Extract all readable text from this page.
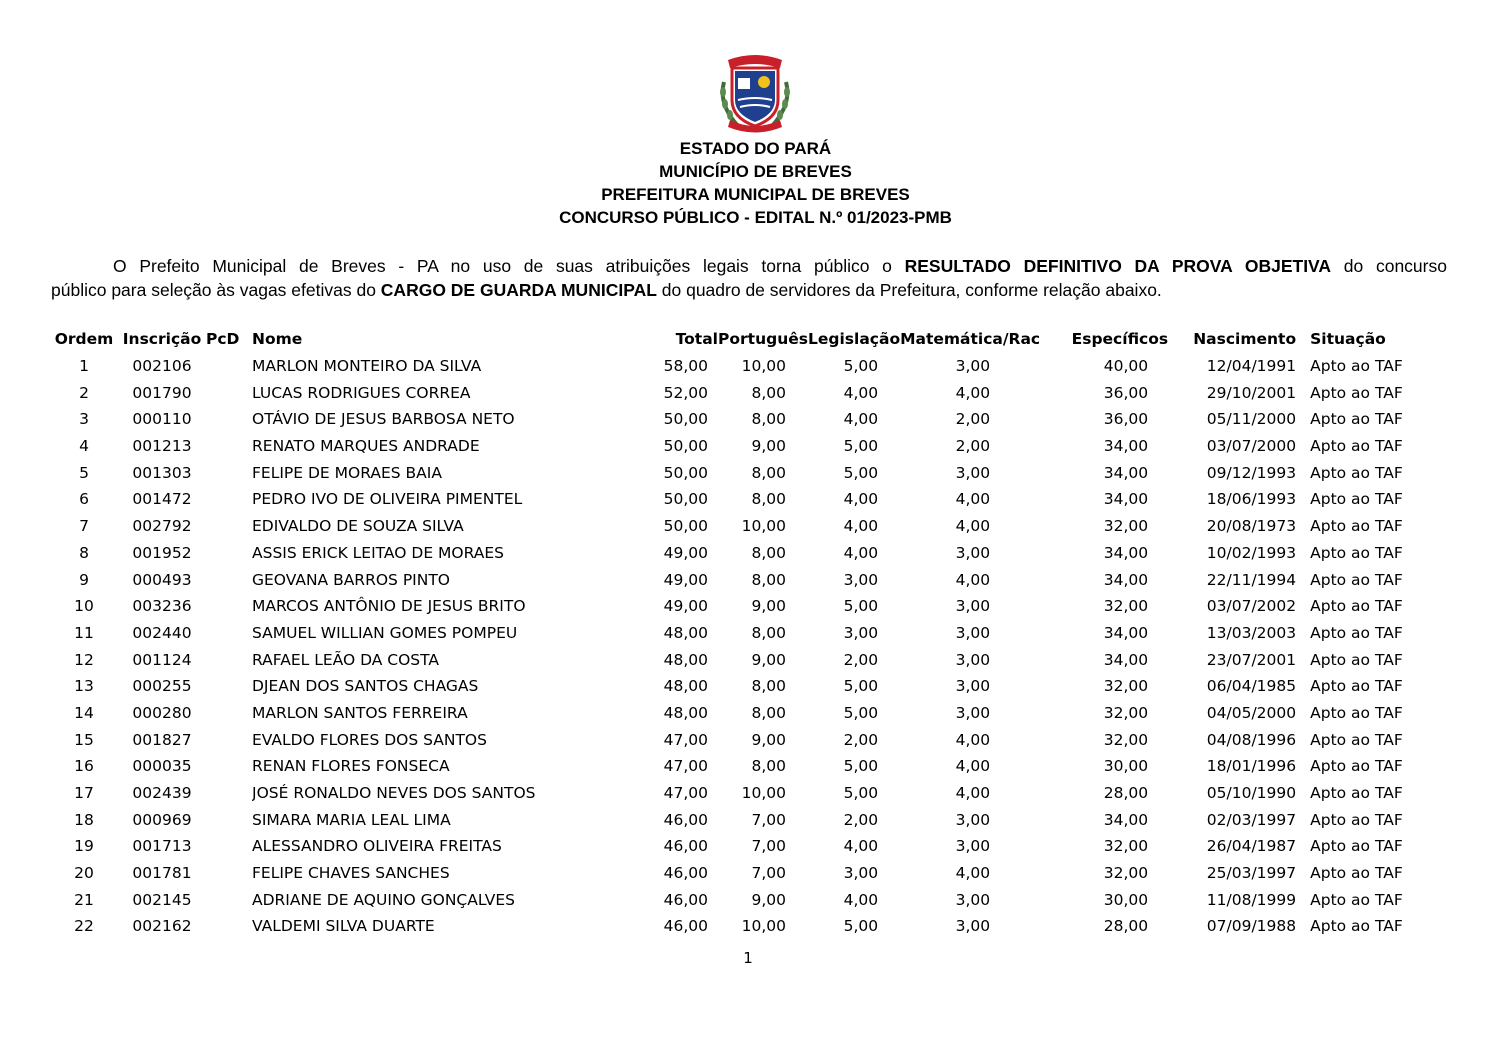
ESTADO DO PARÁ
MUNICÍPIO DE BREVES
PREFEITURA MUNICIPAL DE BREVES
CONCURSO PÚBLICO - EDITAL N.º 01/2023-PMB
O Prefeito Municipal de Breves - PA no uso de suas atribuições legais torna público o RESULTADO DEFINITIVO DA PROVA OBJETIVA do concurso
público para seleção às vagas efetivas do CARGO DE GUARDA MUNICIPAL do quadro de servidores da Prefeitura, conforme relação abaixo.
Ordem	Inscrição	PcD	Nome	Total	Português	Legislação	Matemática/Rac	Específicos	Nascimento	Situação
1	002106		MARLON MONTEIRO DA SILVA	58,00	10,00	5,00	3,00	40,00	12/04/1991	Apto ao TAF
2	001790		LUCAS RODRIGUES CORREA	52,00	8,00	4,00	4,00	36,00	29/10/2001	Apto ao TAF
3	000110		OTÁVIO DE JESUS BARBOSA NETO	50,00	8,00	4,00	2,00	36,00	05/11/2000	Apto ao TAF
4	001213		RENATO MARQUES ANDRADE	50,00	9,00	5,00	2,00	34,00	03/07/2000	Apto ao TAF
5	001303		FELIPE DE MORAES BAIA	50,00	8,00	5,00	3,00	34,00	09/12/1993	Apto ao TAF
6	001472		PEDRO IVO DE OLIVEIRA PIMENTEL	50,00	8,00	4,00	4,00	34,00	18/06/1993	Apto ao TAF
7	002792		EDIVALDO DE SOUZA SILVA	50,00	10,00	4,00	4,00	32,00	20/08/1973	Apto ao TAF
8	001952		ASSIS ERICK LEITAO DE MORAES	49,00	8,00	4,00	3,00	34,00	10/02/1993	Apto ao TAF
9	000493		GEOVANA BARROS PINTO	49,00	8,00	3,00	4,00	34,00	22/11/1994	Apto ao TAF
10	003236		MARCOS ANTÔNIO DE JESUS BRITO	49,00	9,00	5,00	3,00	32,00	03/07/2002	Apto ao TAF
11	002440		SAMUEL WILLIAN GOMES POMPEU	48,00	8,00	3,00	3,00	34,00	13/03/2003	Apto ao TAF
12	001124		RAFAEL LEÃO DA COSTA	48,00	9,00	2,00	3,00	34,00	23/07/2001	Apto ao TAF
13	000255		DJEAN DOS SANTOS CHAGAS	48,00	8,00	5,00	3,00	32,00	06/04/1985	Apto ao TAF
14	000280		MARLON SANTOS FERREIRA	48,00	8,00	5,00	3,00	32,00	04/05/2000	Apto ao TAF
15	001827		EVALDO FLORES DOS SANTOS	47,00	9,00	2,00	4,00	32,00	04/08/1996	Apto ao TAF
16	000035		RENAN FLORES FONSECA	47,00	8,00	5,00	4,00	30,00	18/01/1996	Apto ao TAF
17	002439		JOSÉ RONALDO NEVES DOS SANTOS	47,00	10,00	5,00	4,00	28,00	05/10/1990	Apto ao TAF
18	000969		SIMARA MARIA LEAL LIMA	46,00	7,00	2,00	3,00	34,00	02/03/1997	Apto ao TAF
19	001713		ALESSANDRO OLIVEIRA FREITAS	46,00	7,00	4,00	3,00	32,00	26/04/1987	Apto ao TAF
20	001781		FELIPE CHAVES SANCHES	46,00	7,00	3,00	4,00	32,00	25/03/1997	Apto ao TAF
21	002145		ADRIANE DE AQUINO GONÇALVES	46,00	9,00	4,00	3,00	30,00	11/08/1999	Apto ao TAF
22	002162		VALDEMI SILVA DUARTE	46,00	10,00	5,00	3,00	28,00	07/09/1988	Apto ao TAF
1
